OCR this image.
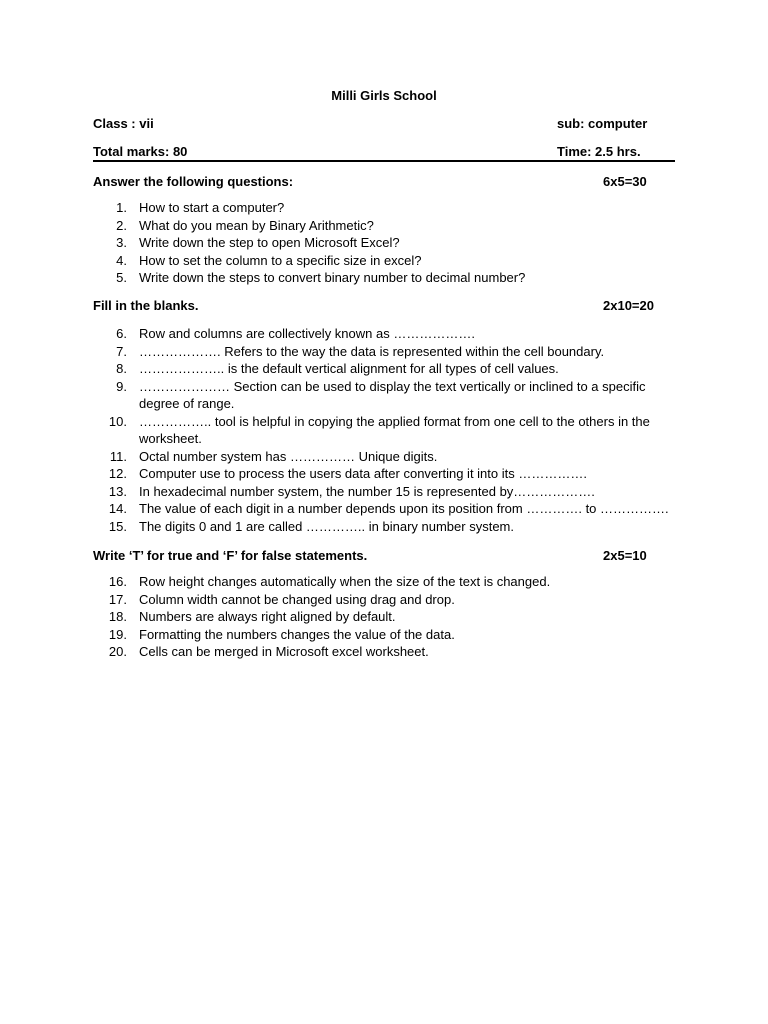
Milli Girls School
Class : vii	sub: computer
Total marks: 80	Time: 2.5 hrs.
Answer the following questions:	6x5=30
1. How to start a computer?
2. What do you mean by Binary Arithmetic?
3. Write down the step to open Microsoft Excel?
4. How to set the column to a specific size in excel?
5. Write down the steps to convert binary number to decimal number?
Fill in the blanks.	2x10=20
6. Row and columns are collectively known as ……………….
7. ………………. Refers to the way the data is represented within the cell boundary.
8. ……………….. is the default vertical alignment for all types of cell values.
9. ………………… Section can be used to display the text vertically or inclined to a specific degree of range.
10. …………….. tool is helpful in copying the applied format from one cell to the others in the worksheet.
11. Octal number system has …………… Unique digits.
12. Computer use to process the users data after converting it into its …………….
13. In hexadecimal number system, the number 15 is represented by……………….
14. The value of each digit in a number depends upon its position from …………. to …………….
15. The digits 0 and 1 are called ………….. in binary number system.
Write ‘T’ for true and ‘F’ for false statements.	2x5=10
16. Row height changes automatically when the size of the text is changed.
17. Column width cannot be changed using drag and drop.
18. Numbers are always right aligned by default.
19. Formatting the numbers changes the value of the data.
20. Cells can be merged in Microsoft excel worksheet.
